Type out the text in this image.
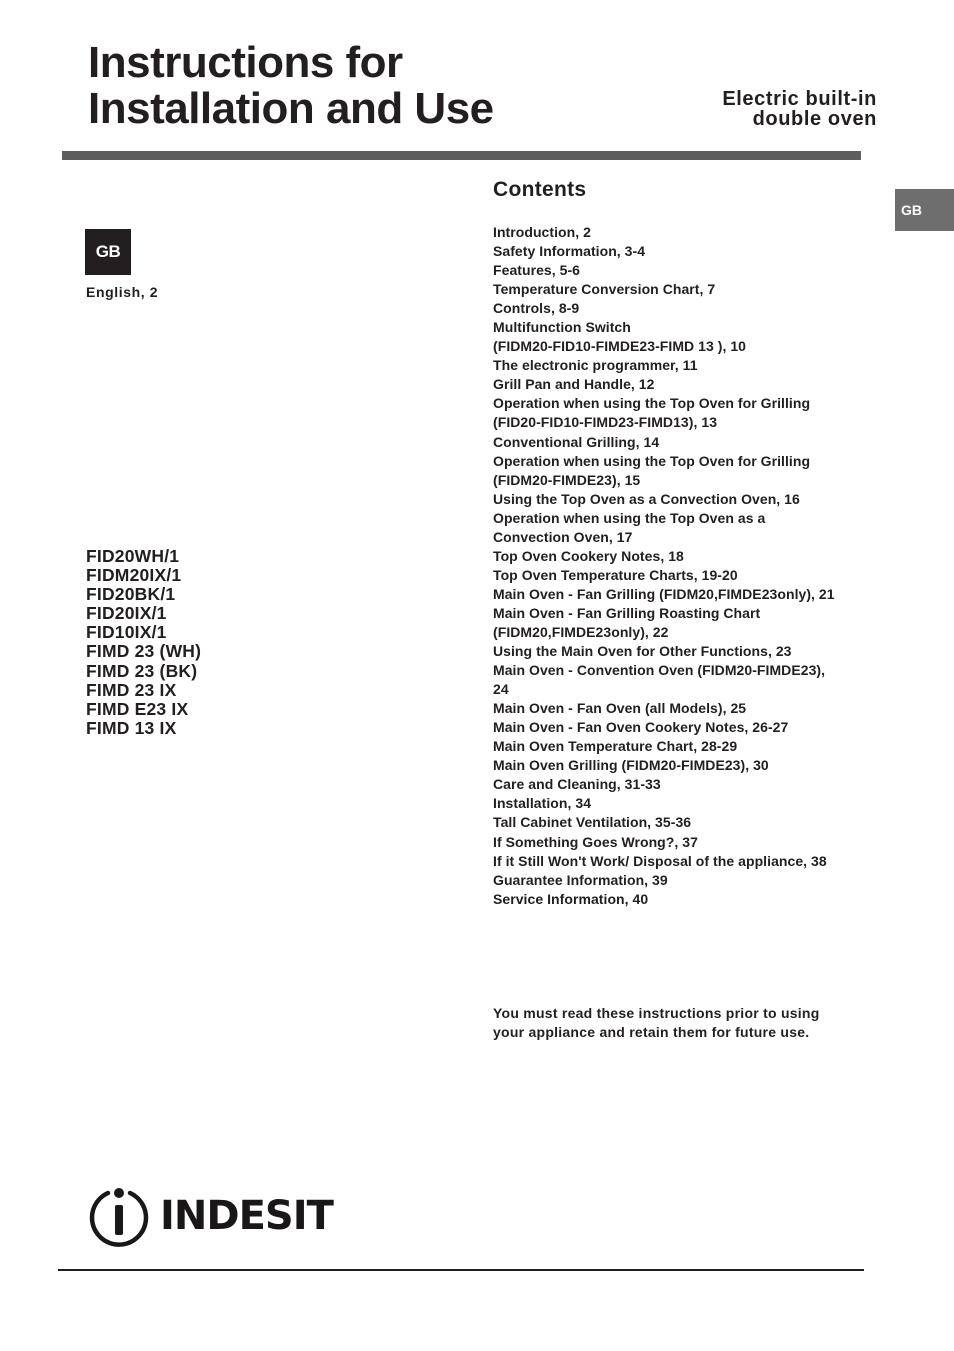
Instructions for
Installation and Use	Electric built-in
double oven
GB
GB
English, 2
FID20WH/1
FIDM20IX/1
FID20BK/1
FID20IX/1
FID10IX/1
FIMD 23 (WH)
FIMD 23 (BK)
FIMD 23 IX
FIMD E23 IX
FIMD 13 IX
Contents
Introduction, 2
Safety Information, 3-4
Features, 5-6
Temperature Conversion Chart, 7
Controls, 8-9
Multifunction Switch
(FIDM20-FID10-FIMDE23-FIMD 13 ), 10
The electronic programmer, 11
Grill Pan and Handle, 12
Operation when using the Top Oven for Grilling
(FID20-FID10-FIMD23-FIMD13), 13
Conventional Grilling, 14
Operation when using the Top Oven for Grilling
(FIDM20-FIMDE23), 15
Using the Top Oven as a Convection Oven, 16
Operation when using the Top Oven as a
Convection Oven, 17
Top Oven Cookery Notes, 18
Top Oven Temperature Charts, 19-20
Main Oven - Fan Grilling (FIDM20,FIMDE23only), 21
Main Oven - Fan Grilling Roasting Chart
(FIDM20,FIMDE23only), 22
Using the Main Oven for Other Functions, 23
Main Oven - Convention Oven (FIDM20-FIMDE23),
24
Main Oven - Fan Oven (all Models), 25
Main Oven - Fan Oven Cookery Notes, 26-27
Main Oven Temperature Chart, 28-29
Main Oven Grilling (FIDM20-FIMDE23), 30
Care and Cleaning, 31-33
Installation, 34
Tall Cabinet Ventilation, 35-36
If Something Goes Wrong?, 37
If it Still Won't Work/ Disposal of the appliance, 38
Guarantee Information, 39
Service Information, 40

You must read these instructions prior to using
your appliance and retain them for future use.

INDESIT
